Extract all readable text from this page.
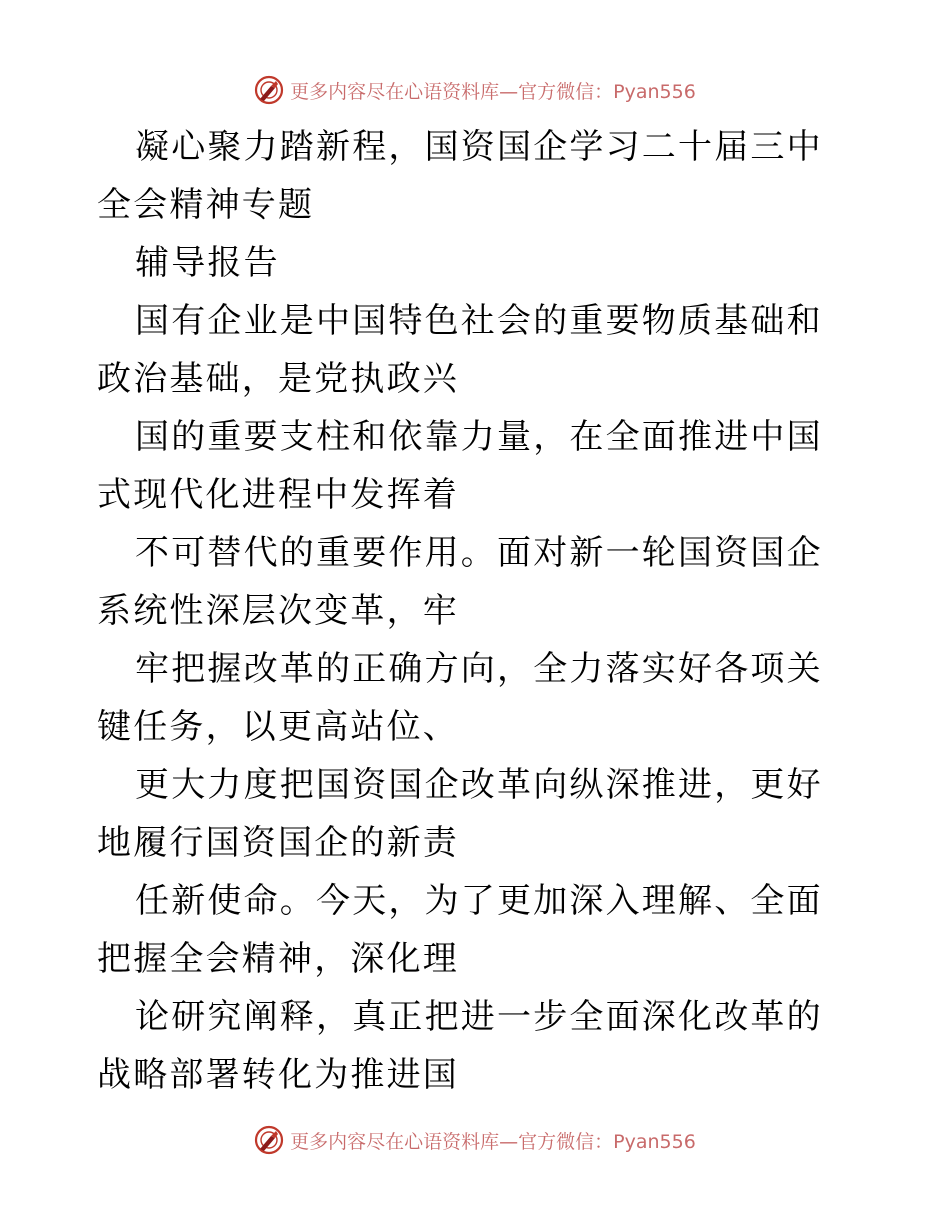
更多内容尽在心语资料库—官方微信：Pyan556

凝心聚力踏新程，国资国企学习二十届三中全会精神专题

辅导报告

国有企业是中国特色社会的重要物质基础和政治基础，是党执政兴

国的重要支柱和依靠力量，在全面推进中国式现代化进程中发挥着

不可替代的重要作用。面对新一轮国资国企系统性深层次变革，牢

牢把握改革的正确方向，全力落实好各项关键任务，以更高站位、

更大力度把国资国企改革向纵深推进，更好地履行国资国企的新责

任新使命。今天，为了更加深入理解、全面把握全会精神，深化理

论研究阐释，真正把进一步全面深化改革的战略部署转化为推进国

更多内容尽在心语资料库—官方微信：Pyan556
